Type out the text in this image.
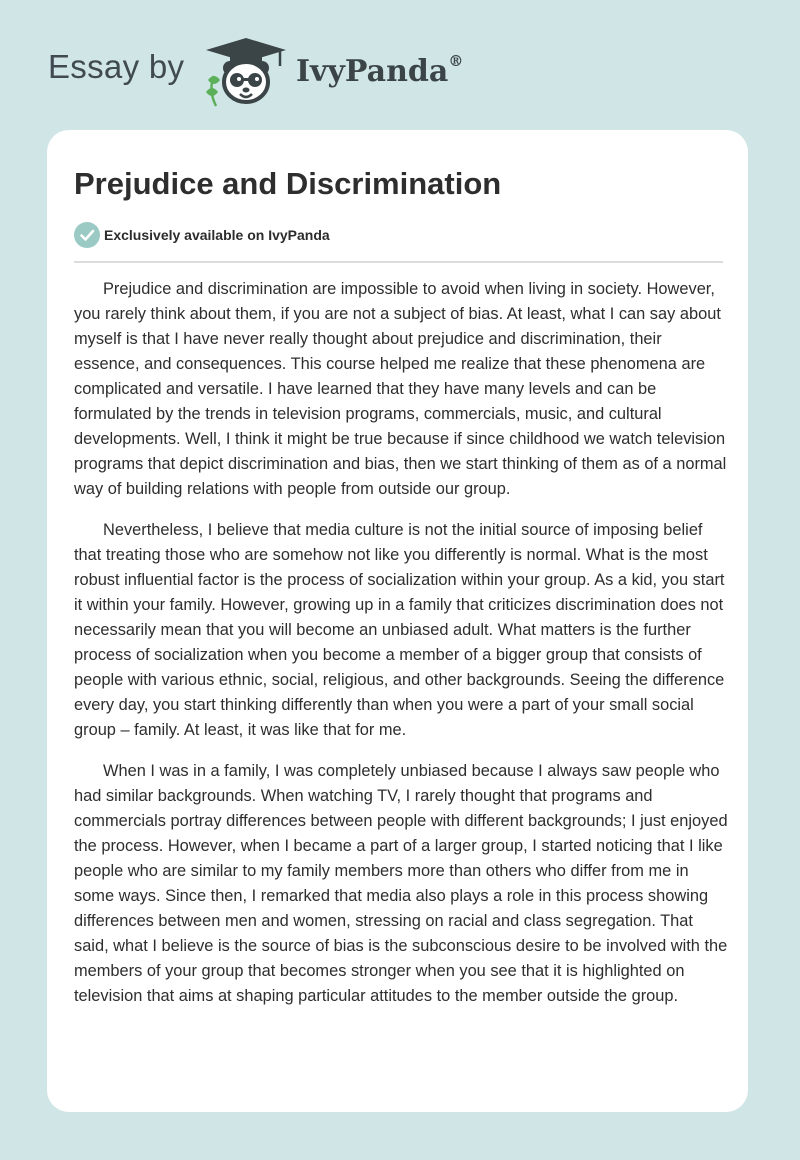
Essay by	IvyPanda®
Prejudice and Discrimination
Exclusively available on IvyPanda

Prejudice and discrimination are impossible to avoid when living in society. However, you rarely think about them, if you are not a subject of bias. At least, what I can say about myself is that I have never really thought about prejudice and discrimination, their essence, and consequences. This course helped me realize that these phenomena are complicated and versatile. I have learned that they have many levels and can be formulated by the trends in television programs, commercials, music, and cultural developments. Well, I think it might be true because if since childhood we watch television programs that depict discrimination and bias, then we start thinking of them as of a normal way of building relations with people from outside our group.

Nevertheless, I believe that media culture is not the initial source of imposing belief that treating those who are somehow not like you differently is normal. What is the most robust influential factor is the process of socialization within your group. As a kid, you start it within your family. However, growing up in a family that criticizes discrimination does not necessarily mean that you will become an unbiased adult. What matters is the further process of socialization when you become a member of a bigger group that consists of people with various ethnic, social, religious, and other backgrounds. Seeing the difference every day, you start thinking differently than when you were a part of your small social group – family. At least, it was like that for me.

When I was in a family, I was completely unbiased because I always saw people who had similar backgrounds. When watching TV, I rarely thought that programs and commercials portray differences between people with different backgrounds; I just enjoyed the process. However, when I became a part of a larger group, I started noticing that I like people who are similar to my family members more than others who differ from me in some ways. Since then, I remarked that media also plays a role in this process showing differences between men and women, stressing on racial and class segregation. That said, what I believe is the source of bias is the subconscious desire to be involved with the members of your group that becomes stronger when you see that it is highlighted on television that aims at shaping particular attitudes to the member outside the group.
